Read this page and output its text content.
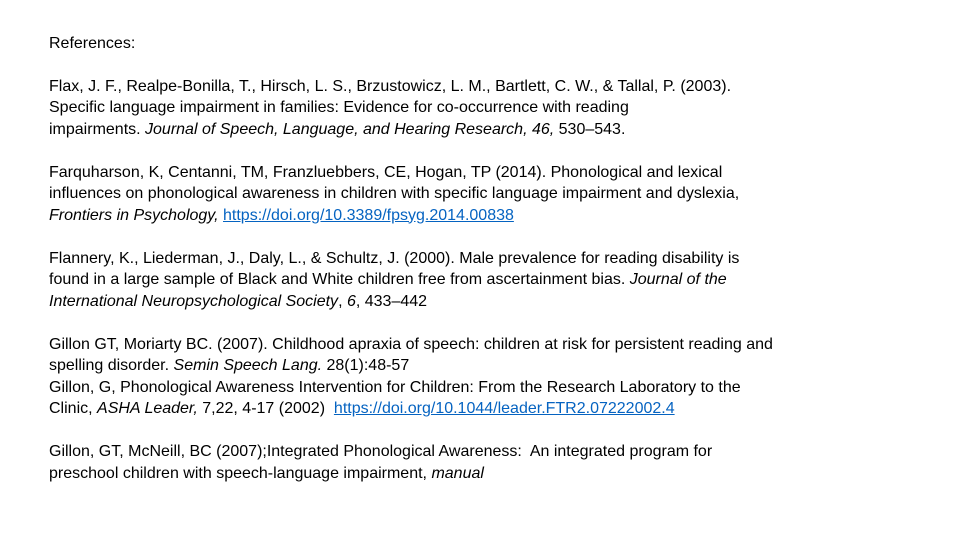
References:
Flax, J. F., Realpe-Bonilla, T., Hirsch, L. S., Brzustowicz, L. M., Bartlett, C. W., & Tallal, P. (2003).
Specific language impairment in families: Evidence for co-occurrence with reading
impairments. Journal of Speech, Language, and Hearing Research, 46, 530–543.
Farquharson, K, Centanni, TM, Franzluebbers, CE, Hogan, TP (2014). Phonological and lexical
influences on phonological awareness in children with specific language impairment and dyslexia,
Frontiers in Psychology, https://doi.org/10.3389/fpsyg.2014.00838
Flannery, K., Liederman, J., Daly, L., & Schultz, J. (2000). Male prevalence for reading disability is
found in a large sample of Black and White children free from ascertainment bias. Journal of the
International Neuropsychological Society, 6, 433–442
Gillon GT, Moriarty BC. (2007). Childhood apraxia of speech: children at risk for persistent reading and
spelling disorder. Semin Speech Lang. 28(1):48-57
Gillon, G, Phonological Awareness Intervention for Children: From the Research Laboratory to the
Clinic, ASHA Leader, 7,22, 4-17 (2002)  https://doi.org/10.1044/leader.FTR2.07222002.4
Gillon, GT, McNeill, BC (2007);Integrated Phonological Awareness:  An integrated program for
preschool children with speech-language impairment, manual
